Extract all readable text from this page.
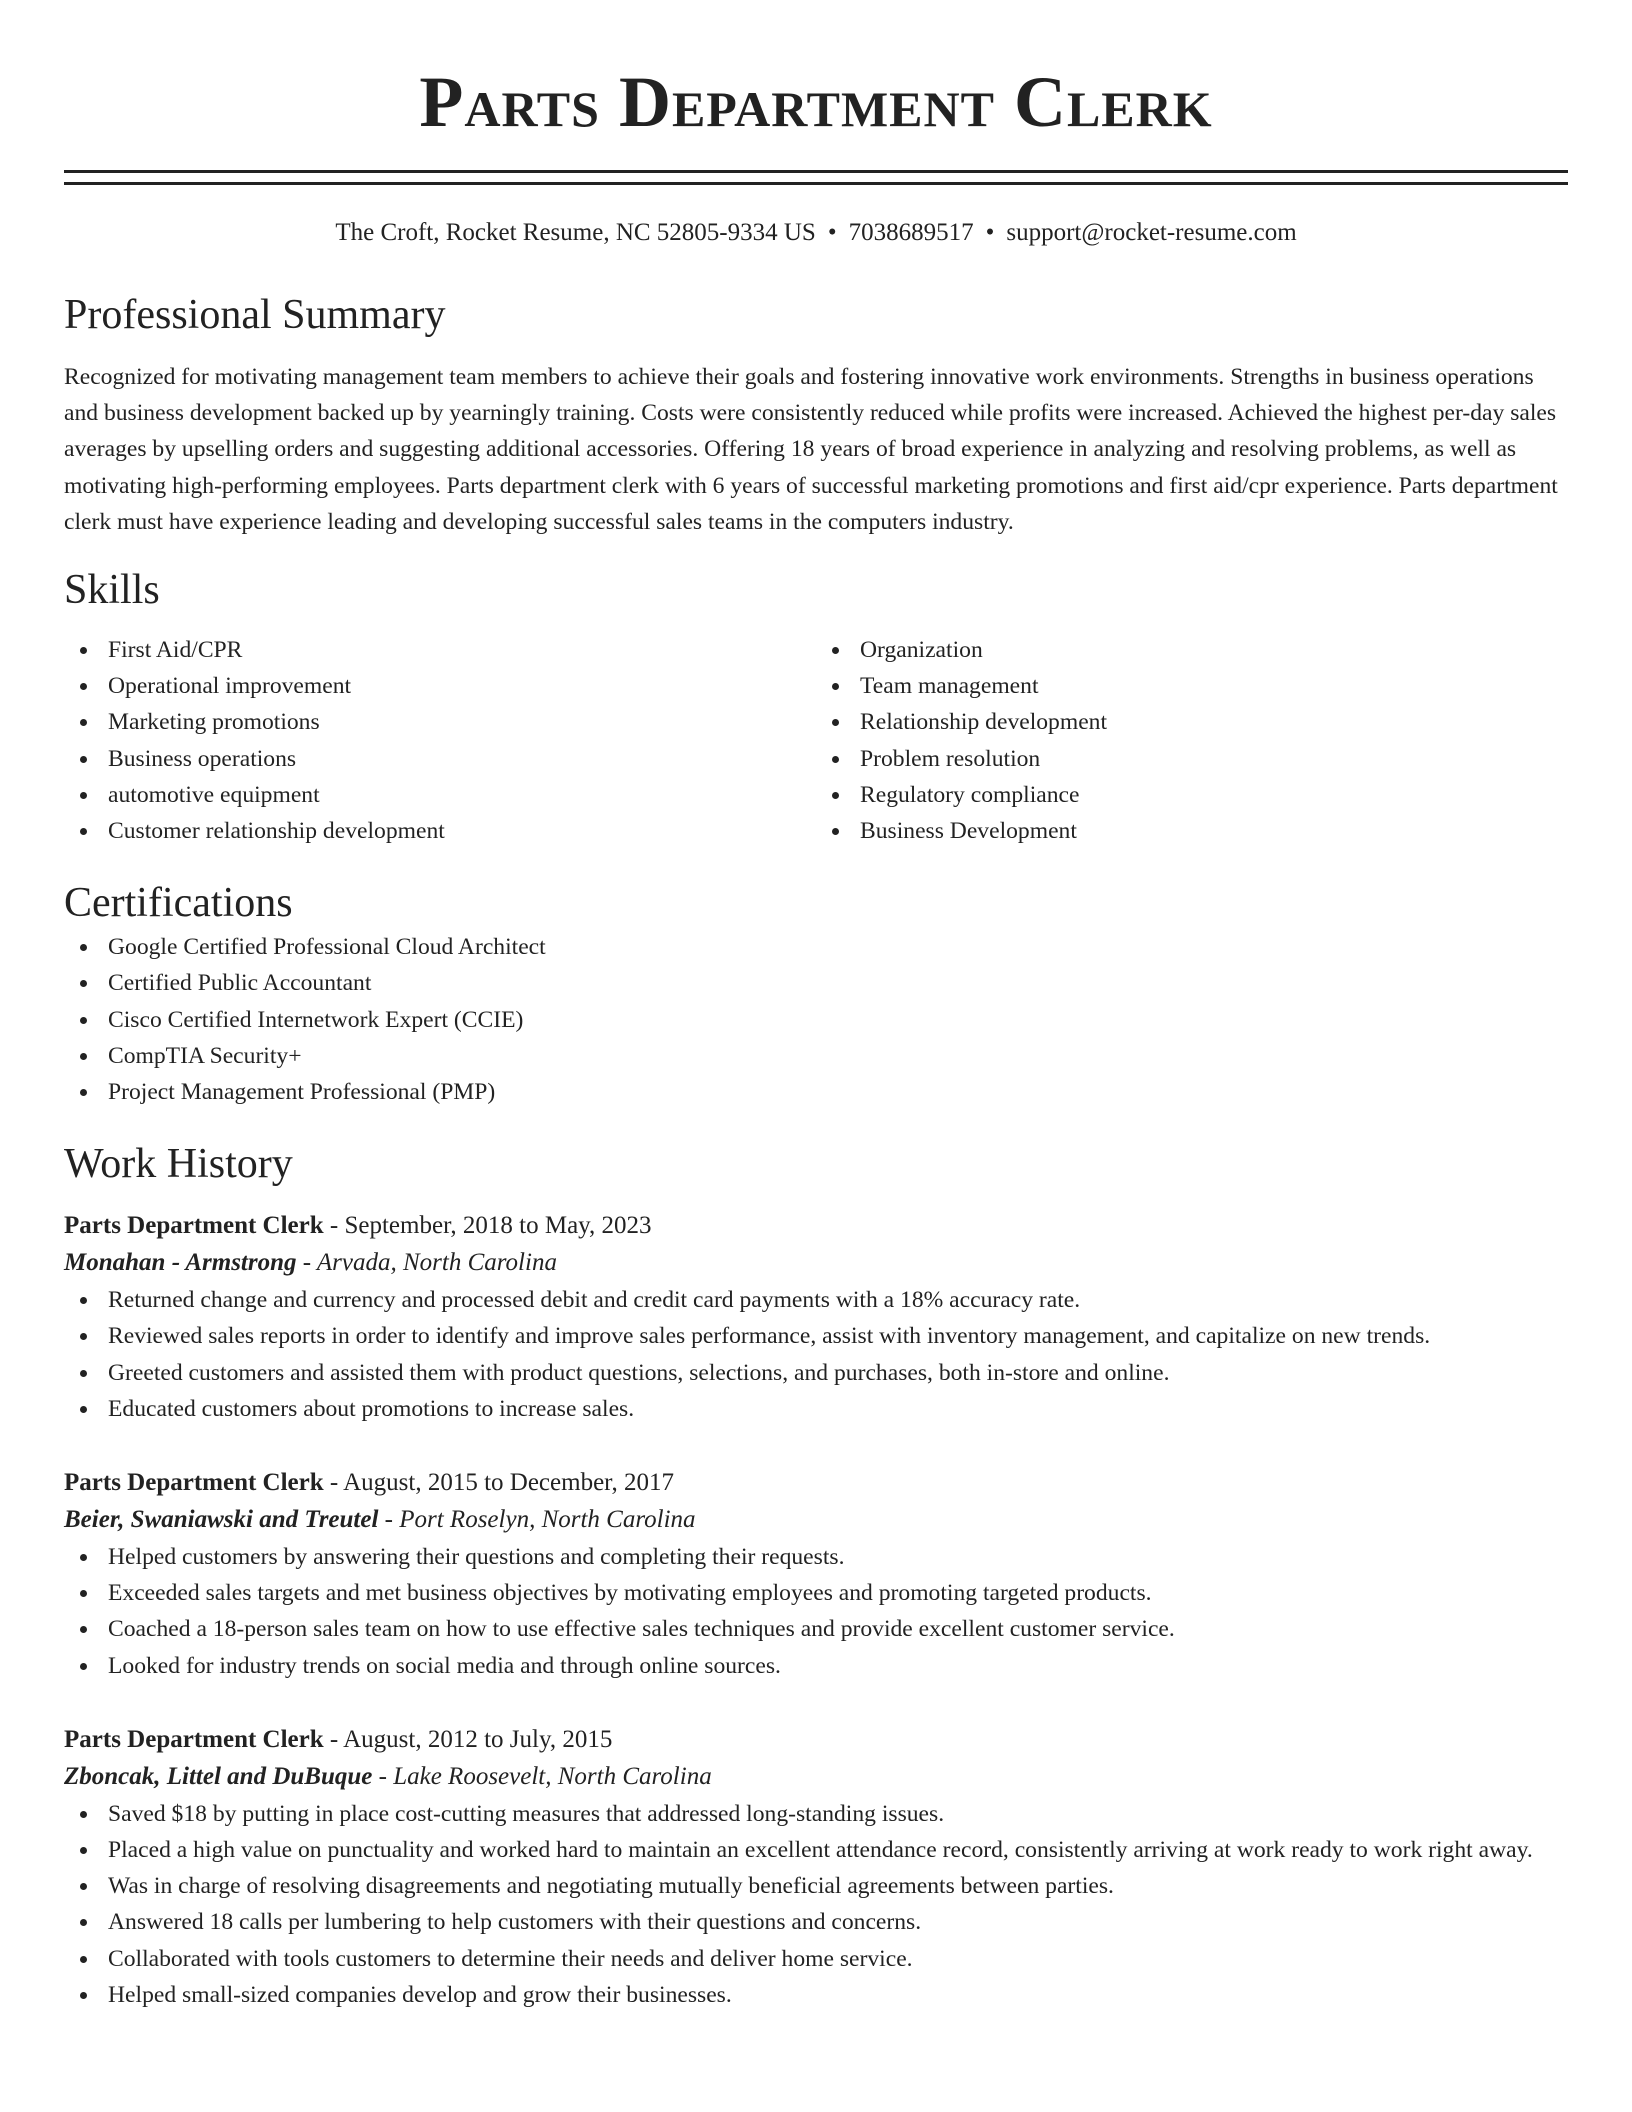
Parts Department Clerk
The Croft, Rocket Resume, NC 52805-9334 US • 7038689517 • support@rocket-resume.com
Professional Summary

Recognized for motivating management team members to achieve their goals and fostering innovative work environments. Strengths in business operations and business development backed up by yearningly training. Costs were consistently reduced while profits were increased. Achieved the highest per-day sales averages by upselling orders and suggesting additional accessories. Offering 18 years of broad experience in analyzing and resolving problems, as well as motivating high-performing employees. Parts department clerk with 6 years of successful marketing promotions and first aid/cpr experience. Parts department clerk must have experience leading and developing successful sales teams in the computers industry.

Skills
First Aid/CPR
Operational improvement
Marketing promotions
Business operations
automotive equipment
Customer relationship development
Organization
Team management
Relationship development
Problem resolution
Regulatory compliance
Business Development
Certifications
Google Certified Professional Cloud Architect
Certified Public Accountant
Cisco Certified Internetwork Expert (CCIE)
CompTIA Security+
Project Management Professional (PMP)
Work History
Parts Department Clerk - September, 2018 to May, 2023
Monahan - Armstrong - Arvada, North Carolina
Returned change and currency and processed debit and credit card payments with a 18% accuracy rate.
Reviewed sales reports in order to identify and improve sales performance, assist with inventory management, and capitalize on new trends.
Greeted customers and assisted them with product questions, selections, and purchases, both in-store and online.
Educated customers about promotions to increase sales.
Parts Department Clerk - August, 2015 to December, 2017
Beier, Swaniawski and Treutel - Port Roselyn, North Carolina
Helped customers by answering their questions and completing their requests.
Exceeded sales targets and met business objectives by motivating employees and promoting targeted products.
Coached a 18-person sales team on how to use effective sales techniques and provide excellent customer service.
Looked for industry trends on social media and through online sources.
Parts Department Clerk - August, 2012 to July, 2015
Zboncak, Littel and DuBuque - Lake Roosevelt, North Carolina
Saved $18 by putting in place cost-cutting measures that addressed long-standing issues.
Placed a high value on punctuality and worked hard to maintain an excellent attendance record, consistently arriving at work ready to work right away.
Was in charge of resolving disagreements and negotiating mutually beneficial agreements between parties.
Answered 18 calls per lumbering to help customers with their questions and concerns.
Collaborated with tools customers to determine their needs and deliver home service.
Helped small-sized companies develop and grow their businesses.
